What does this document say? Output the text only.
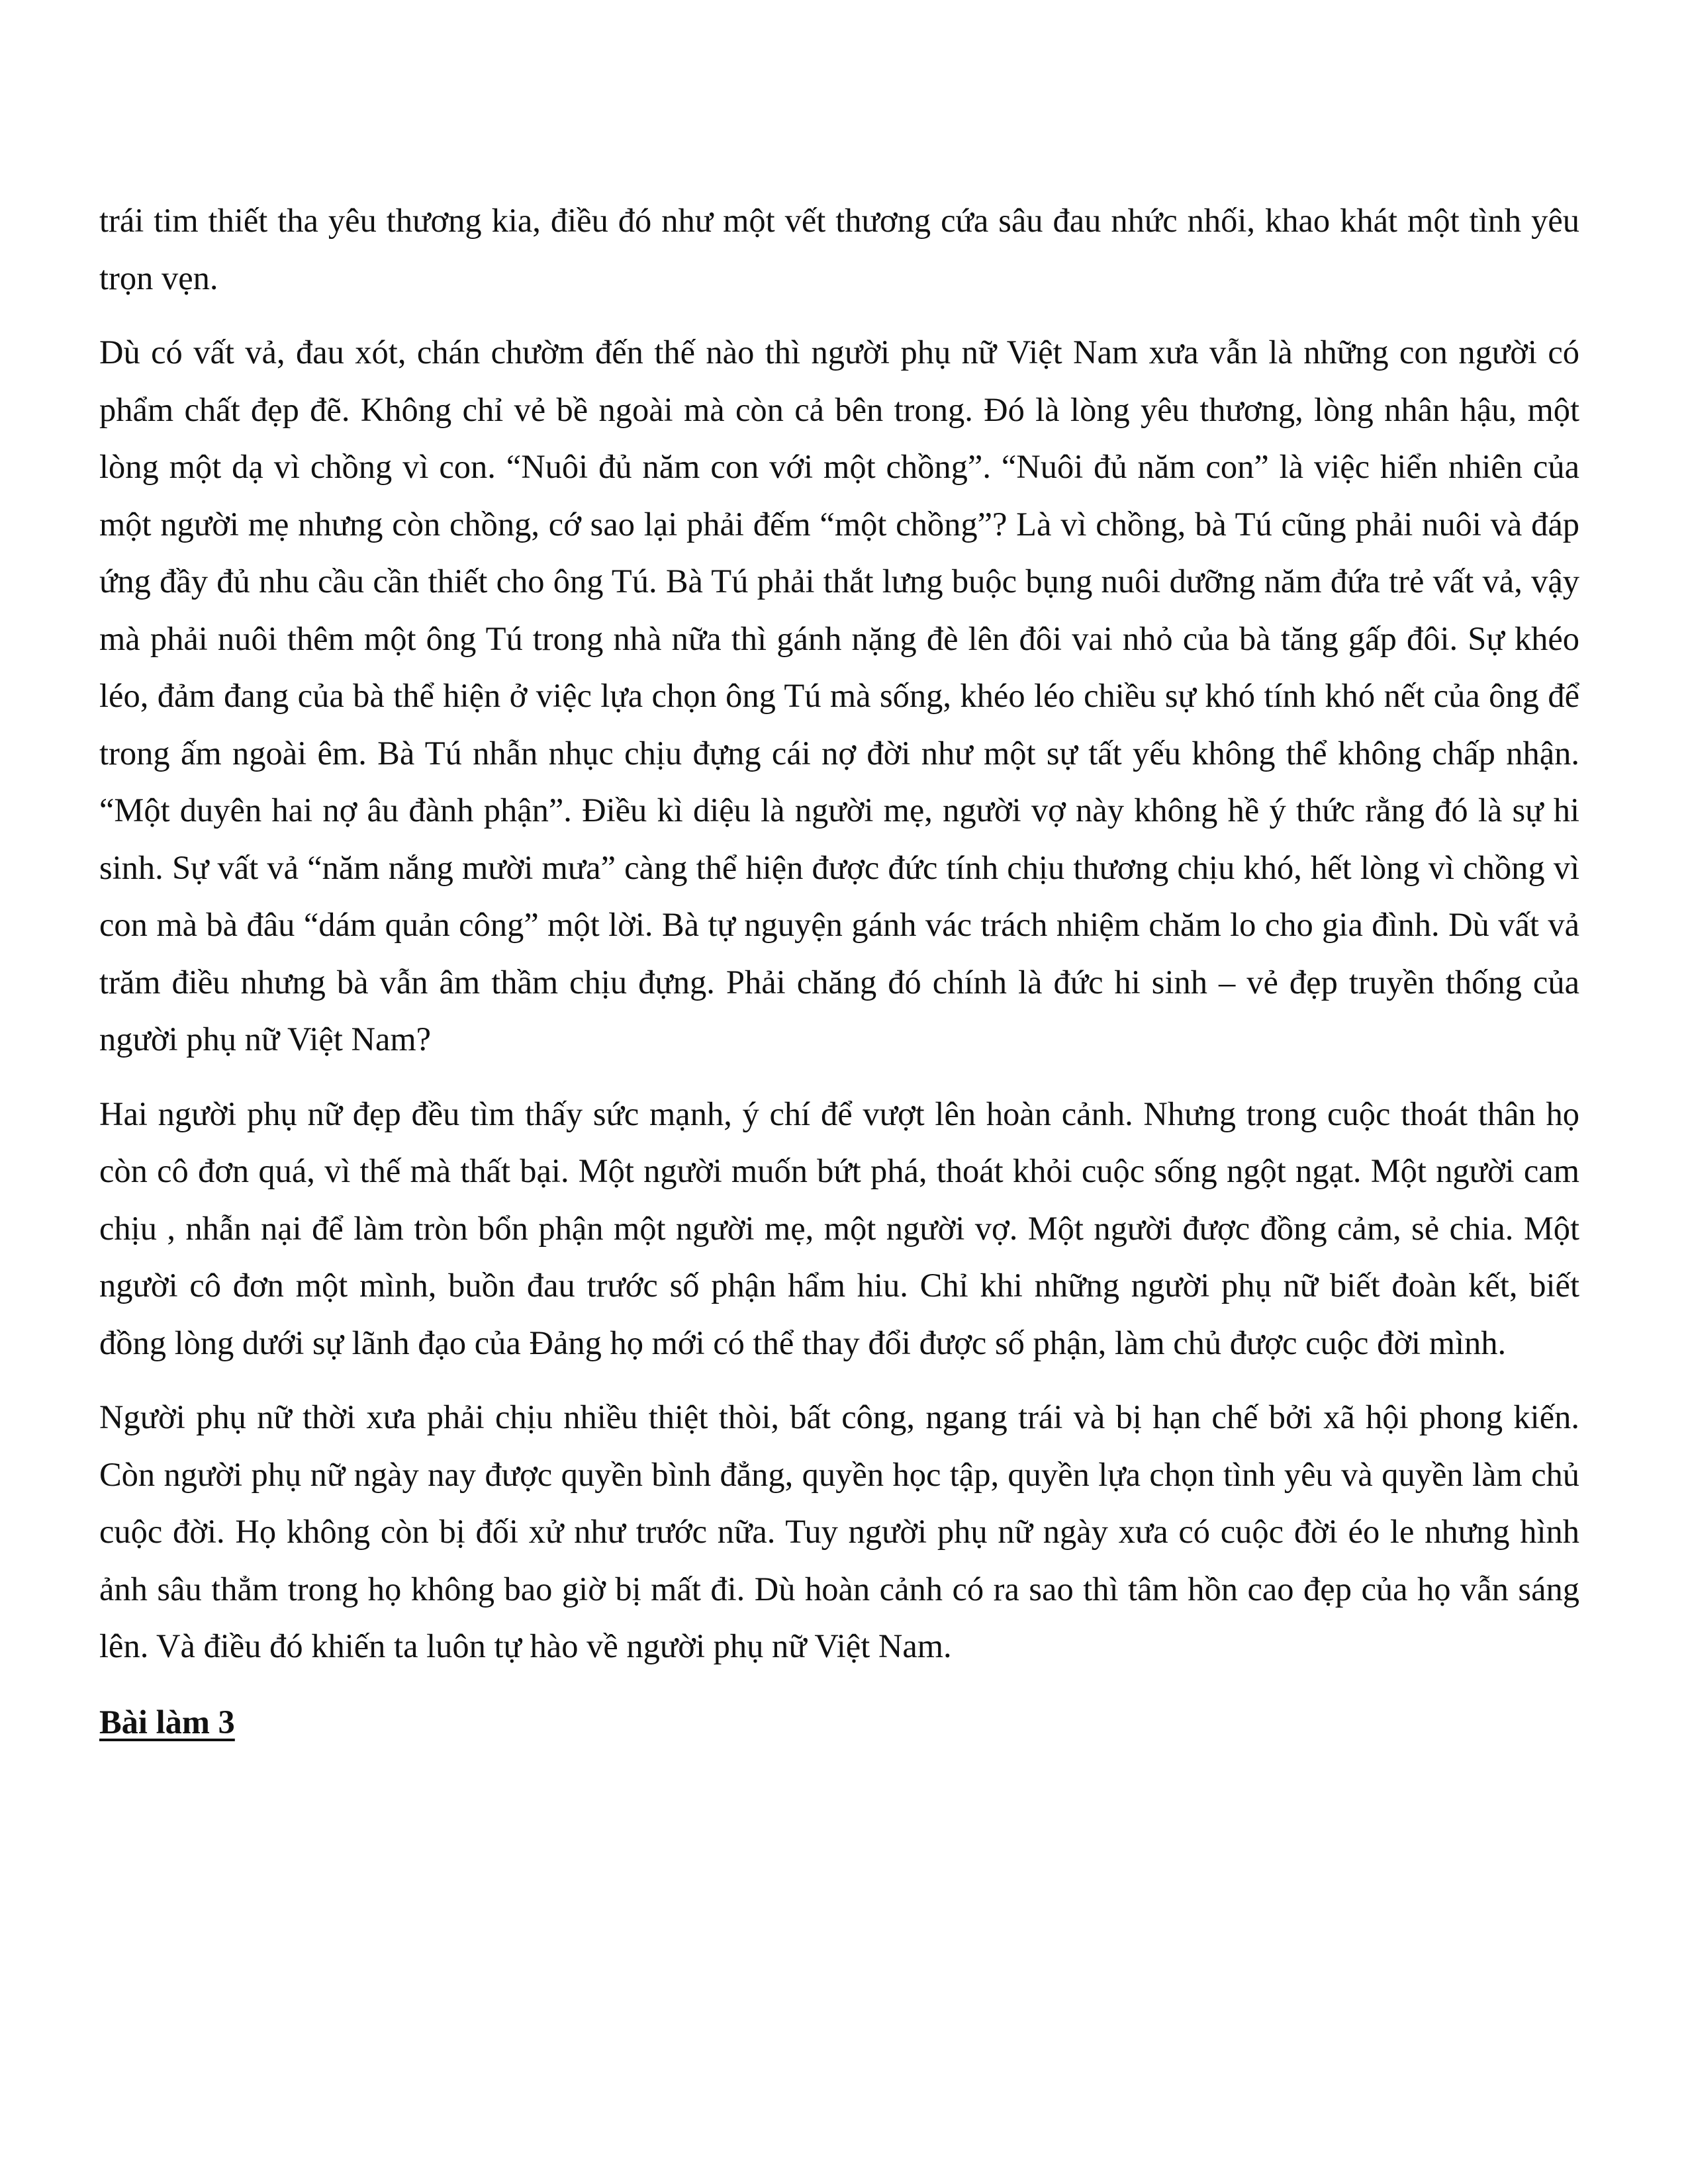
trái tim thiết tha yêu thương kia, điều đó như một vết thương cứa sâu đau nhức nhối, khao khát một tình yêu trọn vẹn.

Dù có vất vả, đau xót, chán chườm đến thế nào thì người phụ nữ Việt Nam xưa vẫn là những con người có phẩm chất đẹp đẽ. Không chỉ vẻ bề ngoài mà còn cả bên trong. Đó là lòng yêu thương, lòng nhân hậu, một lòng một dạ vì chồng vì con. “Nuôi đủ năm con với một chồng”. “Nuôi đủ năm con” là việc hiển nhiên của một người mẹ nhưng còn chồng, cớ sao lại phải đếm “một chồng”? Là vì chồng, bà Tú cũng phải nuôi và đáp ứng đầy đủ nhu cầu cần thiết cho ông Tú. Bà Tú phải thắt lưng buộc bụng nuôi dưỡng năm đứa trẻ vất vả, vậy mà phải nuôi thêm một ông Tú trong nhà nữa thì gánh nặng đè lên đôi vai nhỏ của bà tăng gấp đôi. Sự khéo léo, đảm đang của bà thể hiện ở việc lựa chọn ông Tú mà sống, khéo léo chiều sự khó tính khó nết của ông để trong ấm ngoài êm. Bà Tú nhẫn nhục chịu đựng cái nợ đời như một sự tất yếu không thể không chấp nhận. “Một duyên hai nợ âu đành phận”. Điều kì diệu là người mẹ, người vợ này không hề ý thức rằng đó là sự hi sinh. Sự vất vả “năm nắng mười mưa” càng thể hiện được đức tính chịu thương chịu khó, hết lòng vì chồng vì con mà bà đâu “dám quản công” một lời. Bà tự nguyện gánh vác trách nhiệm chăm lo cho gia đình. Dù vất vả trăm điều nhưng bà vẫn âm thầm chịu đựng. Phải chăng đó chính là đức hi sinh – vẻ đẹp truyền thống của người phụ nữ Việt Nam?

Hai người phụ nữ đẹp đều tìm thấy sức mạnh, ý chí để vượt lên hoàn cảnh. Nhưng trong cuộc thoát thân họ còn cô đơn quá, vì thế mà thất bại. Một người muốn bứt phá, thoát khỏi cuộc sống ngột ngạt. Một người cam chịu , nhẫn nại để làm tròn bổn phận một người mẹ, một người vợ. Một người được đồng cảm, sẻ chia. Một người cô đơn một mình, buồn đau trước số phận hẩm hiu. Chỉ khi những người phụ nữ biết đoàn kết, biết đồng lòng dưới sự lãnh đạo của Đảng họ mới có thể thay đổi được số phận, làm chủ được cuộc đời mình.

Người phụ nữ thời xưa phải chịu nhiều thiệt thòi, bất công, ngang trái và bị hạn chế bởi xã hội phong kiến. Còn người phụ nữ ngày nay được quyền bình đẳng, quyền học tập, quyền lựa chọn tình yêu và quyền làm chủ cuộc đời. Họ không còn bị đối xử như trước nữa. Tuy người phụ nữ ngày xưa có cuộc đời éo le nhưng hình ảnh sâu thẳm trong họ không bao giờ bị mất đi. Dù hoàn cảnh có ra sao thì tâm hồn cao đẹp của họ vẫn sáng lên. Và điều đó khiến ta luôn tự hào về người phụ nữ Việt Nam.

Bài làm 3
